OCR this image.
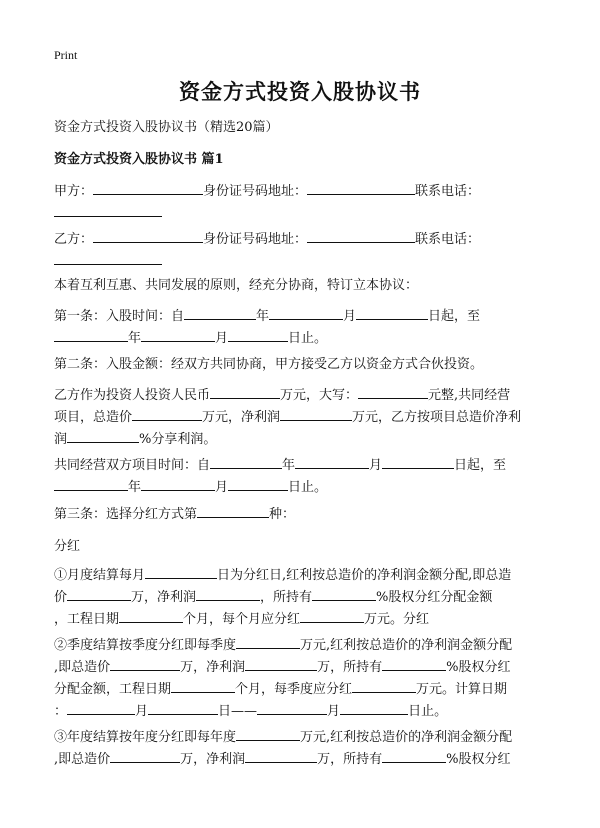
Print
资金方式投资入股协议书
资金方式投资入股协议书（精选20篇）
资金方式投资入股协议书 篇1
甲方：	身份证号码地址：	联系电话：
乙方：	身份证号码地址：	联系电话：
本着互利互惠、共同发展的原则，经充分协商，特订立本协议：
第一条：入股时间：自	年	月	日起，至
年	月	日止。
第二条：入股金额：经双方共同协商，甲方接受乙方以资金方式合伙投资。
乙方作为投资人投资人民币	万元，大写：	元整,共同经营
项目，总造价	万元，净利润	万元，乙方按项目总造价净利
润	%分享利润。
共同经营双方项目时间：自	年	月	日起，至
年	月	日止。
第三条：选择分红方式第	种：
分红
①月度结算每月	日为分红日,红利按总造价的净利润金额分配,即总造
价	万，净利润	，所持有	%股权分红分配金额
，工程日期	个月，每个月应分红	万元。分红
②季度结算按季度分红即每季度	万元,红利按总造价的净利润金额分配
,即总造价	万，净利润	万，所持有	%股权分红
分配金额，工程日期	个月，每季度应分红	万元。计算日期
：	月	日——	月	日止。
③年度结算按年度分红即每年度	万元,红利按总造价的净利润金额分配
,即总造价	万，净利润	万，所持有	%股权分红
